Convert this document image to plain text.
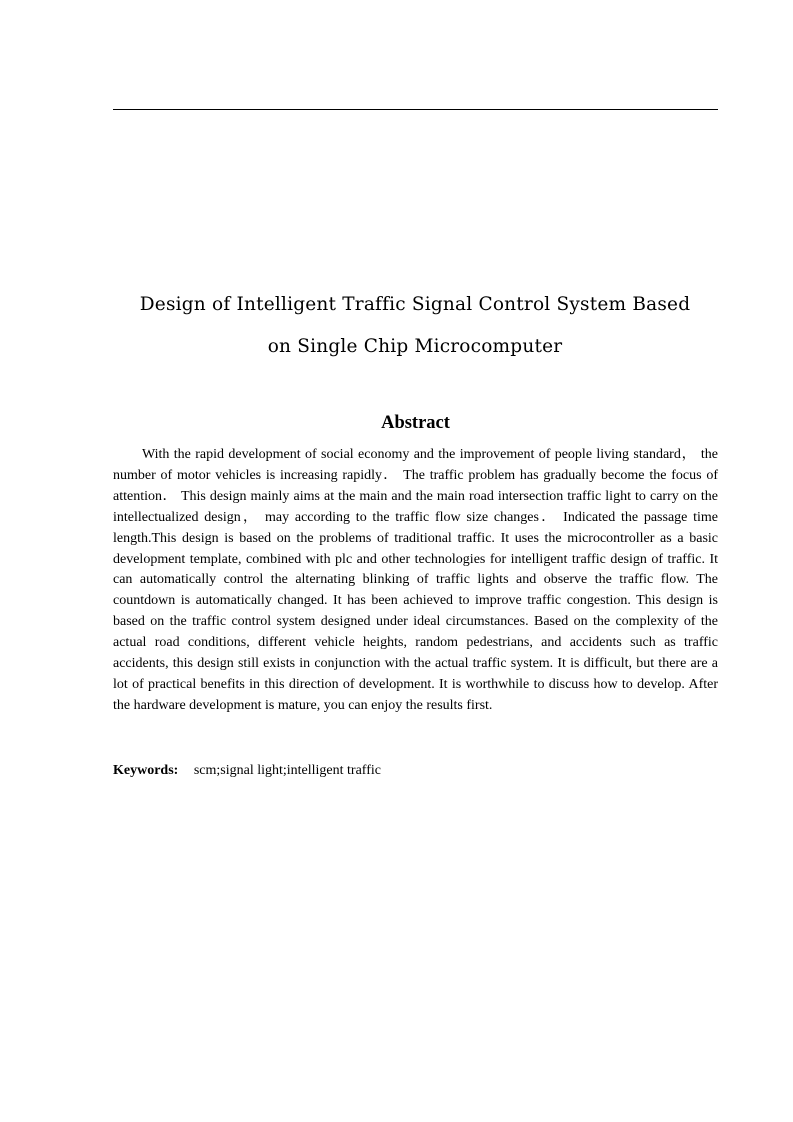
Design of Intelligent Traffic Signal Control System Based
on Single Chip Microcomputer
Abstract

With the rapid development of social economy and the improvement of people living standard， the number of motor vehicles is increasing rapidly． The traffic problem has gradually become the focus of attention． This design mainly aims at the main and the main road intersection traffic light to carry on the intellectualized design， may according to the traffic flow size changes． Indicated the passage time length.This design is based on the problems of traditional traffic. It uses the microcontroller as a basic development template, combined with plc and other technologies for intelligent traffic design of traffic. It can automatically control the alternating blinking of traffic lights and observe the traffic flow. The countdown is automatically changed. It has been achieved to improve traffic congestion. This design is based on the traffic control system designed under ideal circumstances. Based on the complexity of the actual road conditions, different vehicle heights, random pedestrians, and accidents such as traffic accidents, this design still exists in conjunction with the actual traffic system. It is difficult, but there are a lot of practical benefits in this direction of development. It is worthwhile to discuss how to develop. After the hardware development is mature, you can enjoy the results first.

Keywords: scm;signal light;intelligent traffic
